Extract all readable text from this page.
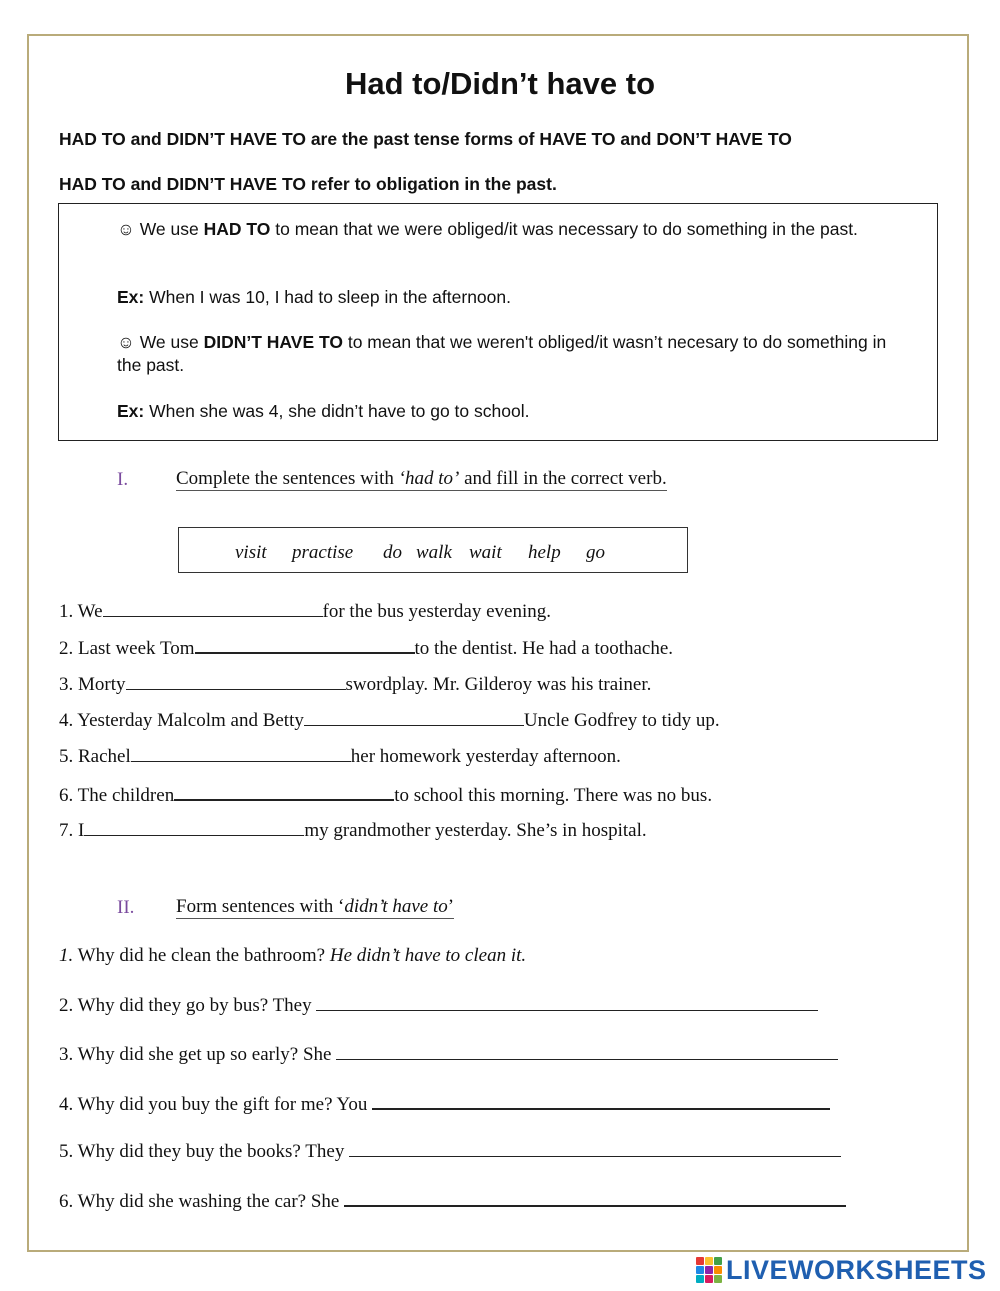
Had to/Didn’t have to
HAD TO and DIDN’T HAVE TO are the past tense forms of HAVE TO and DON’T HAVE TO
HAD TO and DIDN’T HAVE TO refer to obligation in the past.

☺ We use HAD TO to mean that we were obliged/it was necessary to do something in the past.

Ex: When I was 10, I had to sleep in the afternoon.

☺ We use DIDN’T HAVE TO to mean that we weren't obliged/it wasn’t necesary to do something in the past.

Ex: When she was 4, she didn’t have to go to school.

I.	Complete the sentences with ‘had to’ and fill in the correct verb.
visit practise do walk wait help go
1. We	for the bus yesterday evening.
2. Last week Tom	to the dentist. He had a toothache.
3. Morty	swordplay. Mr. Gilderoy was his trainer.
4. Yesterday Malcolm and Betty	Uncle Godfrey to tidy up.
5. Rachel	her homework yesterday afternoon.
6. The children	to school this morning. There was no bus.
7. I	my grandmother yesterday. She’s in hospital.
II. Form sentences with ‘didn’t have to’
1. Why did he clean the bathroom? He didn’t have to clean it.
2. Why did they go by bus? They
3. Why did she get up so early? She
4. Why did you buy the gift for me? You
5. Why did they buy the books? They
6. Why did she washing the car? She
LIVEWORKSHEETS
